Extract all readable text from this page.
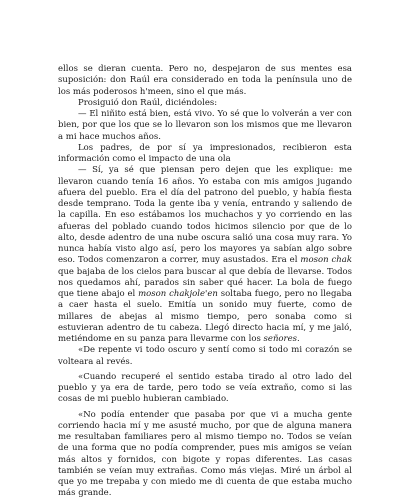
ellos se dieran cuenta. Pero no, despejaron de sus mentes esa suposición: don Raúl era considerado en toda la península uno de los más poderosos h'meen, sino el que más.

Prosiguió don Raúl, diciéndoles:

— El niñito está bien, está vivo. Yo sé que lo volverán a ver con bien, por que los que se lo llevaron son los mismos que me llevaron a mi hace muchos años.

Los padres, de por sí ya impresionados, recibieron esta información como el impacto de una ola

— Sí, ya sé que piensan pero dejen que les explique: me llevaron cuando tenía 16 años. Yo estaba con mis amigos jugando afuera del pueblo. Era el día del patrono del pueblo, y había fiesta desde temprano. Toda la gente iba y venía, entrando y saliendo de la capilla. En eso estábamos los muchachos y yo corriendo en las afueras del poblado cuando todos hicimos silencio por que de lo alto, desde adentro de una nube oscura salió una cosa muy rara. Yo nunca había visto algo así, pero los mayores ya sabían algo sobre eso. Todos comenzaron a correr, muy asustados. Era el moson chak que bajaba de los cielos para buscar al que debía de llevarse. Todos nos quedamos ahí, parados sin saber qué hacer. La bola de fuego que tiene abajo el moson chakjole'en soltaba fuego, pero no llegaba a caer hasta el suelo. Emitía un sonido muy fuerte, como de millares de abejas al mismo tiempo, pero sonaba como si estuvieran adentro de tu cabeza. Llegó directo hacia mí, y me jaló, metiéndome en su panza para llevarme con los señores.

«De repente vi todo oscuro y sentí como si todo mi corazón se volteara al revés.

«Cuando recuperé el sentido estaba tirado al otro lado del pueblo y ya era de tarde, pero todo se veía extraño, como si las cosas de mi pueblo hubieran cambiado.

«No podía entender que pasaba por que vi a mucha gente corriendo hacia mí y me asusté mucho, por que de alguna manera me resultaban familiares pero al mismo tiempo no. Todos se veían de una forma que no podía comprender, pues mis amigos se veían más altos y fornidos, con bigote y ropas diferentes. Las casas también se veían muy extrañas. Como más viejas. Miré un árbol al que yo me trepaba y con miedo me di cuenta de que estaba mucho más grande.
